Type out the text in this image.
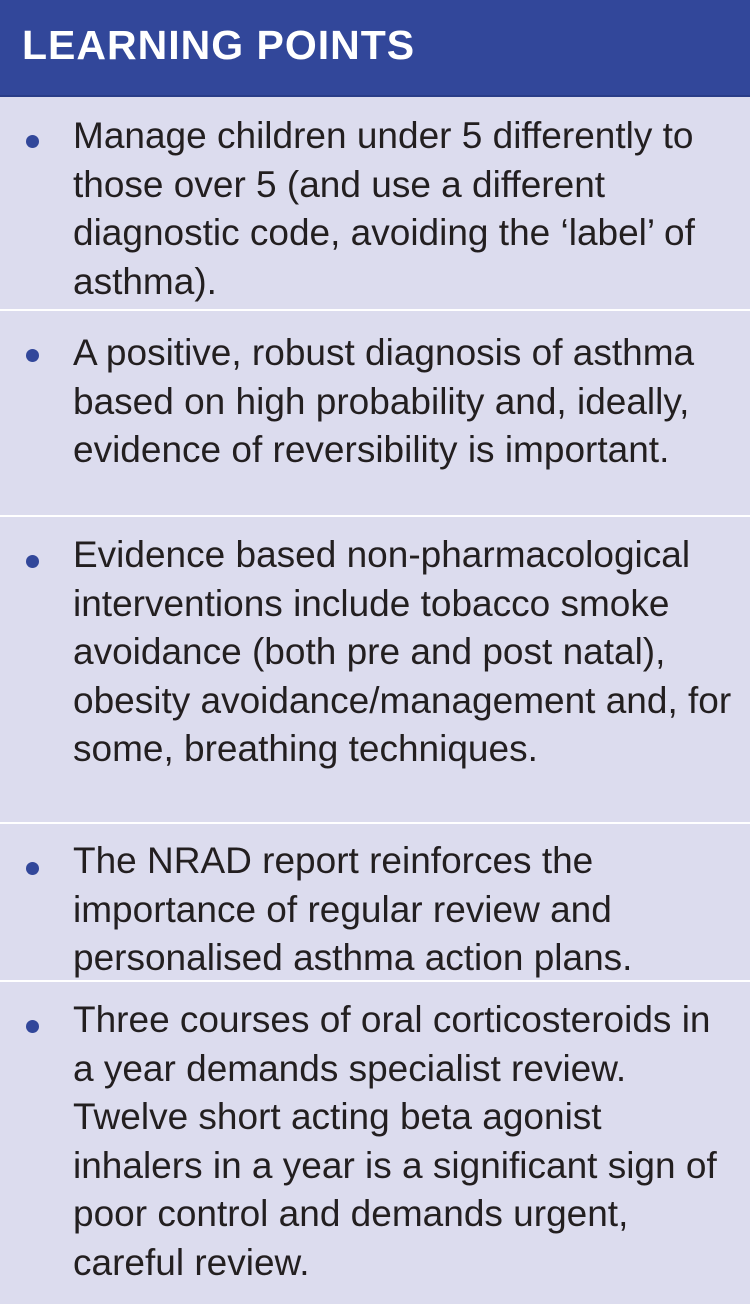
LEARNING POINTS
Manage children under 5 differently to those over 5 (and use a different diagnostic code, avoiding the ‘label’ of asthma).
A positive, robust diagnosis of asthma based on high probability and, ideally, evidence of reversibility is important.
Evidence based non-pharmacological interventions include tobacco smoke avoidance (both pre and post natal), obesity avoidance/management and, for some, breathing techniques.
The NRAD report reinforces the importance of regular review and personalised asthma action plans.
Three courses of oral corticosteroids in a year demands specialist review. Twelve short acting beta agonist inhalers in a year is a significant sign of poor control and demands urgent, careful review.
